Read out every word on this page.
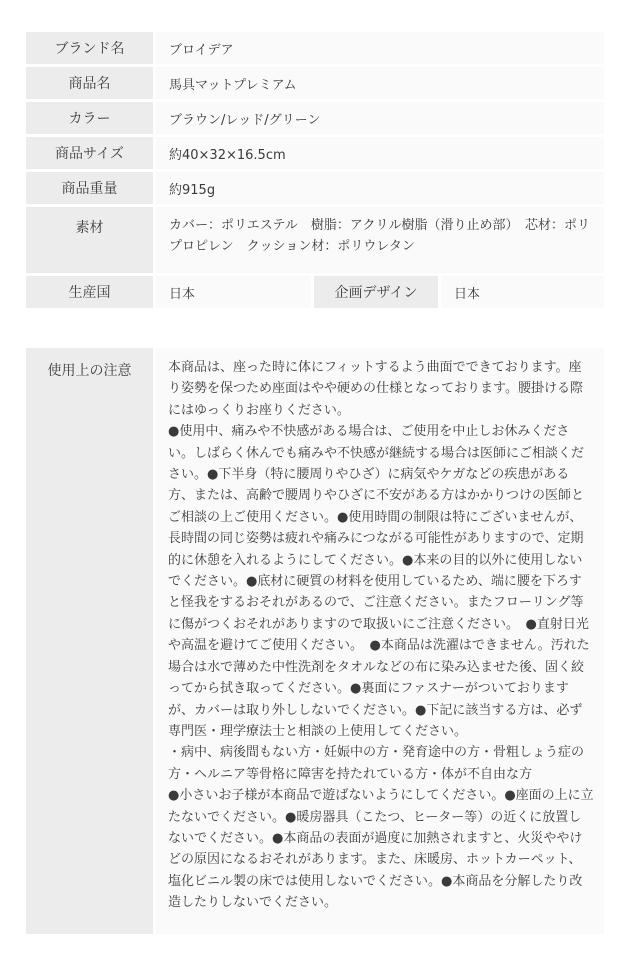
ブランド名	ブロイデア
商品名	馬具マットプレミアム
カラー	ブラウン/レッド/グリーン
商品サイズ	約40×32×16.5cm
商品重量	約915g
素材	カバー：ポリエステル　樹脂：アクリル樹脂（滑り止め部）　芯材：ポリプロピレン　クッション材：ポリウレタン
生産国	日本	企画デザイン	日本
使用上の注意	本商品は、座った時に体にフィットするよう曲面でできております。座り姿勢を保つため座面はやや硬めの仕様となっております。腰掛ける際にはゆっくりお座りください。
●使用中、痛みや不快感がある場合は、ご使用を中止しお休みください。しばらく休んでも痛みや不快感が継続する場合は医師にご相談ください。●下半身（特に腰周りやひざ）に病気やケガなどの疾患がある方、または、高齢で腰周りやひざに不安がある方はかかりつけの医師とご相談の上ご使用ください。●使用時間の制限は特にございませんが、長時間の同じ姿勢は疲れや痛みにつながる可能性がありますので、定期的に休憩を入れるようにしてください。●本来の目的以外に使用しないでください。●底材に硬質の材料を使用しているため、端に腰を下ろすと怪我をするおそれがあるので、ご注意ください。またフローリング等に傷がつくおそれがありますので取扱いにご注意ください。　●直射日光や高温を避けてご使用ください。　●本商品は洗濯はできません。汚れた場合は水で薄めた中性洗剤をタオルなどの布に染み込ませた後、固く絞ってから拭き取ってください。●裏面にファスナーがついておりますが、カバーは取り外ししないでください。●下記に該当する方は、必ず専門医・理学療法士と相談の上使用してください。
・病中、病後間もない方・妊娠中の方・発育途中の方・骨粗しょう症の方・ヘルニア等骨格に障害を持たれている方・体が不自由な方
●小さいお子様が本商品で遊ばないようにしてください。●座面の上に立たないでください。●暖房器具（こたつ、ヒーター等）の近くに放置しないでください。●本商品の表面が過度に加熱されますと、火災ややけどの原因になるおそれがあります。また、床暖房、ホットカーペット、塩化ビニル製の床では使用しないでください。●本商品を分解したり改造したりしないでください。
